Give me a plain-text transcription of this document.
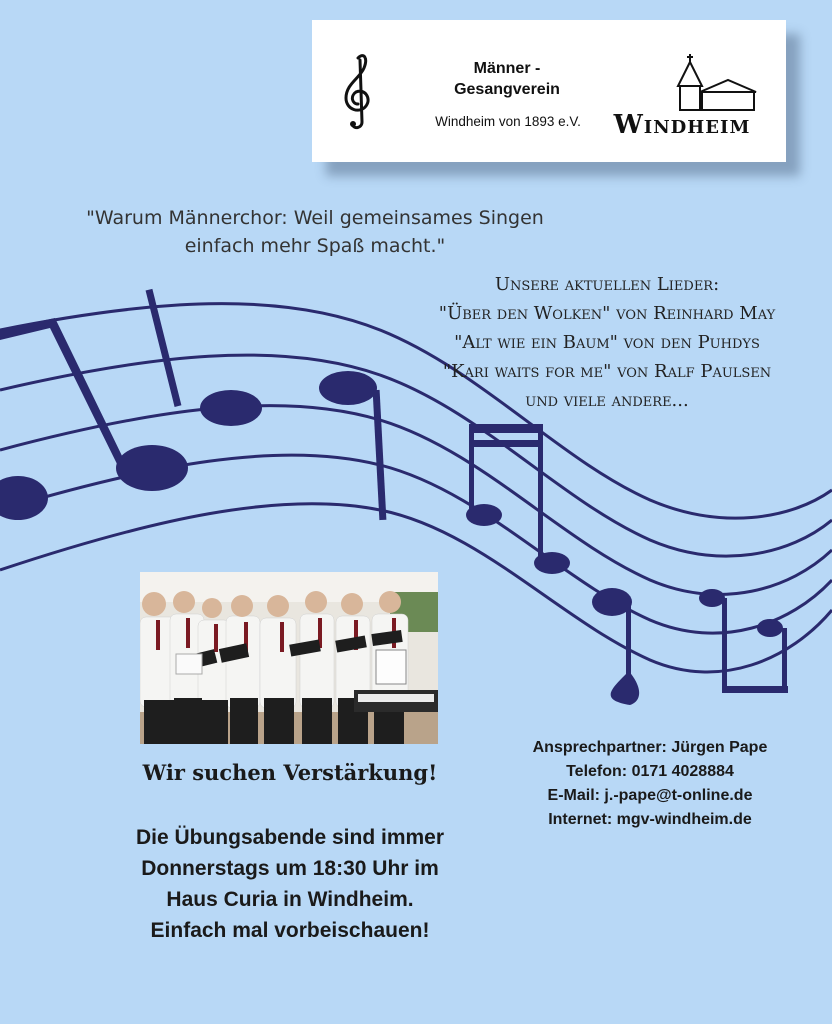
Männer -
Gesangverein
Windheim von 1893 e.V.	Windheim
"Warum Männerchor: Weil gemeinsames Singen
einfach mehr Spaß macht."
Unsere aktuellen Lieder:
"Über den Wolken" von Reinhard May
"Alt wie ein Baum" von den Puhdys
"Kari waits for me" von Ralf Paulsen
und viele andere...
Wir suchen Verstärkung!
Die Übungsabende sind immer
Donnerstags um 18:30 Uhr im
Haus Curia in Windheim.
Einfach mal vorbeischauen!
Ansprechpartner: Jürgen Pape
Telefon: 0171 4028884
E-Mail: j.-pape@t-online.de
Internet: mgv-windheim.de
